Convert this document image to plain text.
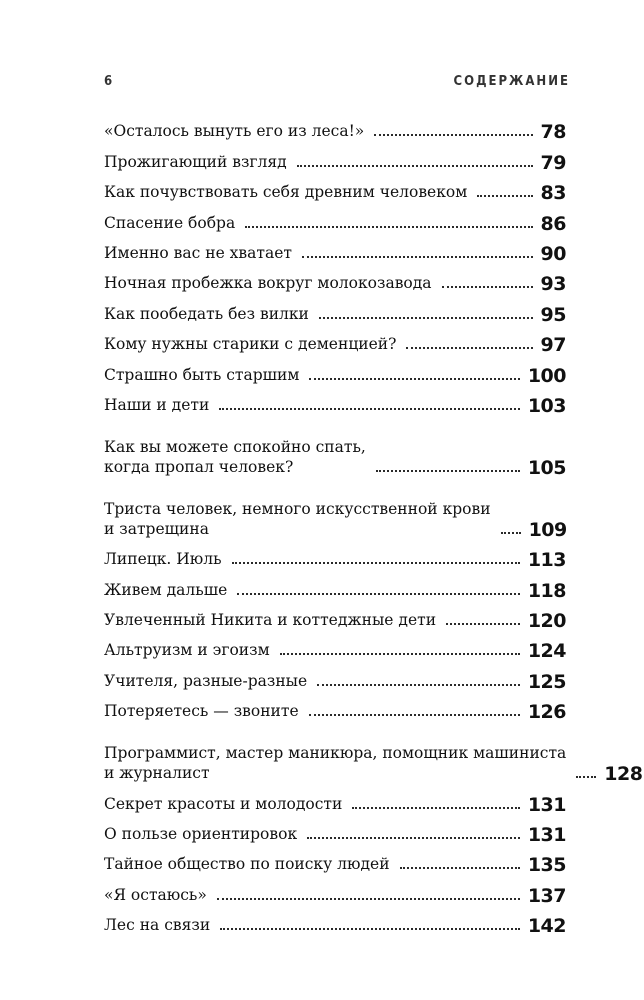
6	СОДЕРЖАНИЕ
«Осталось вынуть его из леса!»	78
Прожигающий взгляд	79
Как почувствовать себя древним человеком	83
Спасение бобра	86
Именно вас не хватает	90
Ночная пробежка вокруг молокозавода	93
Как пообедать без вилки	95
Кому нужны старики с деменцией?	97
Страшно быть старшим	100
Наши и дети	103
Как вы можете спокойно спать,
когда пропал человек?	105
Триста человек, немного искусственной крови
и затрещина	109
Липецк. Июль	113
Живем дальше	118
Увлеченный Никита и коттеджные дети	120
Альтруизм и эгоизм	124
Учителя, разные-разные	125
Потеряетесь — звоните	126
Программист, мастер маникюра, помощник машиниста
и журналист	128
Секрет красоты и молодости	131
О пользе ориентировок	131
Тайное общество по поиску людей	135
«Я остаюсь»	137
Лес на связи	142
